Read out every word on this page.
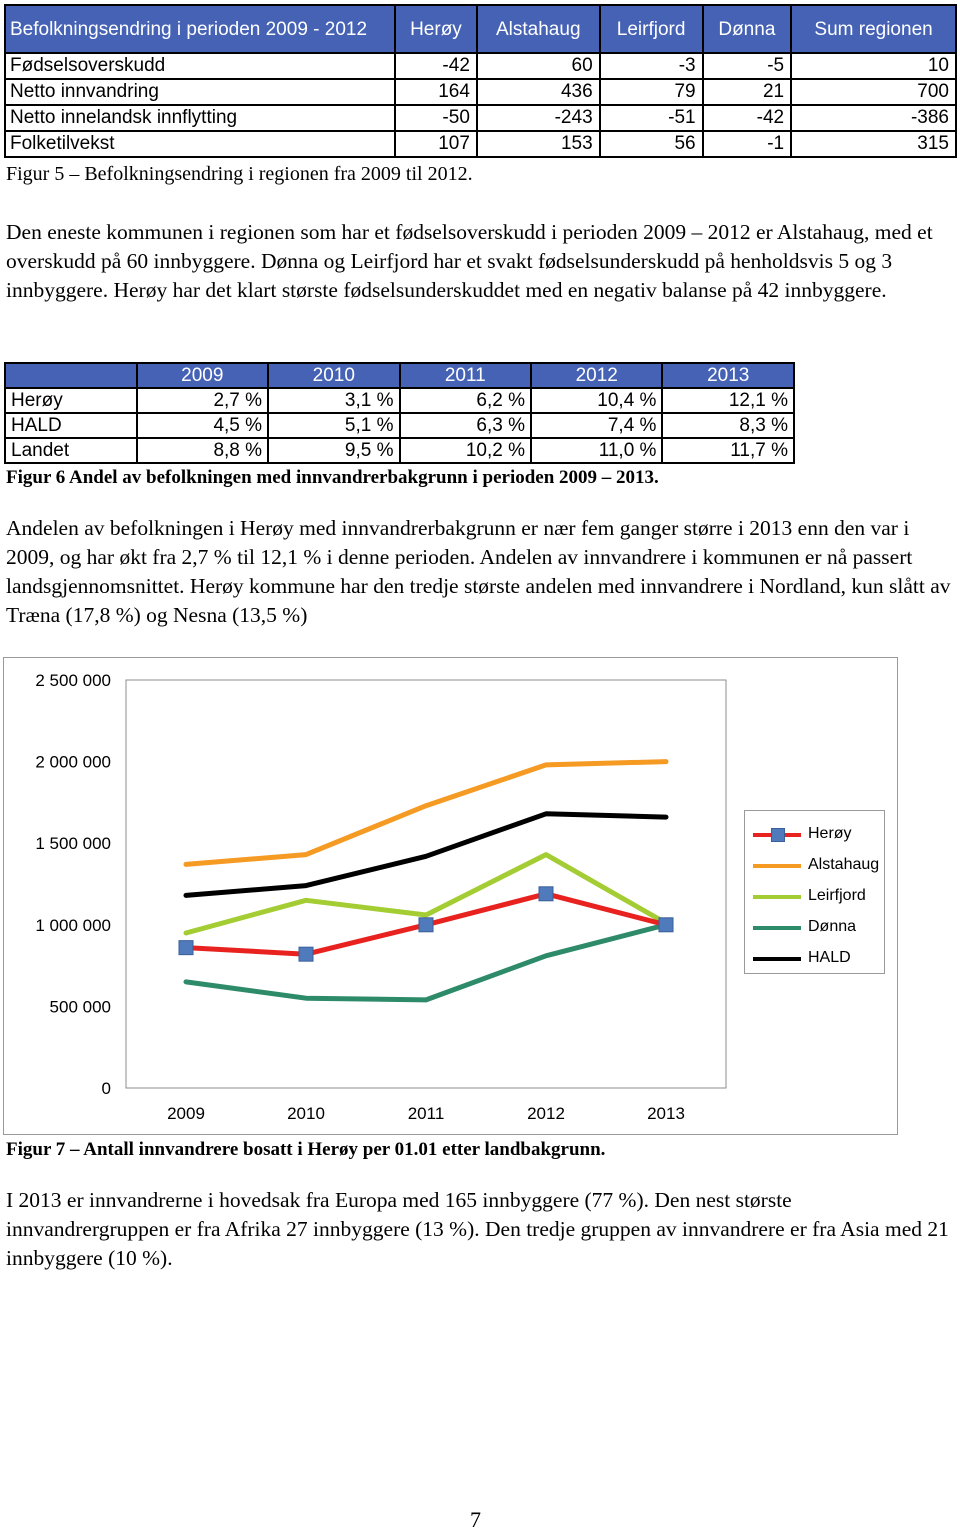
Befolkningsendring i perioden 2009 - 2012	Herøy	Alstahaug	Leirfjord	Dønna	Sum regionen
Fødselsoverskudd	-42	60	-3	-5	10
Netto innvandring	164	436	79	21	700
Netto innelandsk innflytting	-50	-243	-51	-42	-386
Folketilvekst	107	153	56	-1	315
Figur 5 – Befolkningsendring i regionen fra 2009 til 2012.
Den eneste kommunen i regionen som har et fødselsoverskudd i perioden 2009 – 2012 er Alstahaug, med et overskudd på 60 innbyggere. Dønna og Leirfjord har et svakt fødselsunderskudd på henholdsvis 5 og 3 innbyggere. Herøy har det klart største fødselsunderskuddet med en negativ balanse på 42 innbyggere.
	2009	2010	2011	2012	2013
Herøy	2,7 %	3,1 %	6,2 %	10,4 %	12,1 %
HALD	4,5 %	5,1 %	6,3 %	7,4 %	8,3 %
Landet	8,8 %	9,5 %	10,2 %	11,0 %	11,7 %
Figur 6 Andel av befolkningen med innvandrerbakgrunn i perioden 2009 – 2013.
Andelen av befolkningen i Herøy med innvandrerbakgrunn er nær fem ganger større i 2013 enn den var i 2009, og har økt fra 2,7 % til 12,1 % i denne perioden. Andelen av innvandrere i kommunen er nå passert landsgjennomsnittet. Herøy kommune har den tredje største andelen med innvandrere i Nordland, kun slått av Træna (17,8 %) og Nesna (13,5 %)
0
500 000
1 000 000
1 500 000
2 000 000
2 500 000
2009	2010	2011	2012	2013
Herøy
Alstahaug
Leirfjord
Dønna
HALD
Figur 7 – Antall innvandrere bosatt i Herøy per 01.01 etter landbakgrunn.
I 2013 er innvandrerne i hovedsak fra Europa med 165 innbyggere (77 %). Den nest største innvandrergruppen er fra Afrika 27 innbyggere (13 %). Den tredje gruppen av innvandrere er fra Asia med 21 innbyggere (10 %).
7
